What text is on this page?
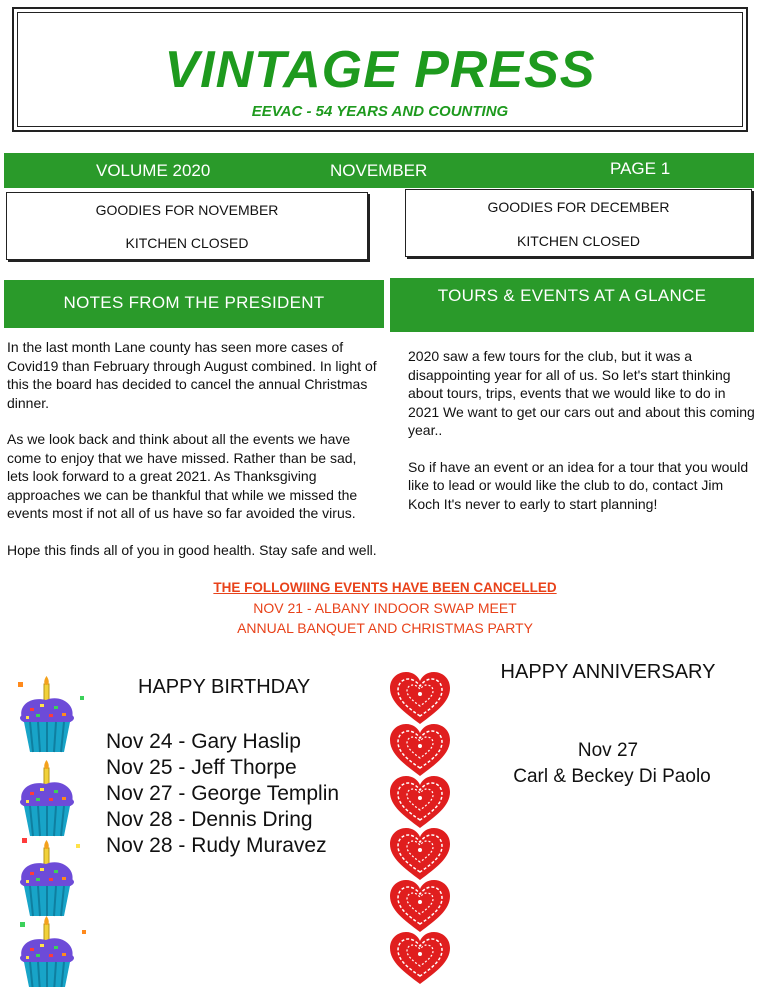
VINTAGE PRESS
EEVAC - 54 YEARS AND COUNTING
VOLUME 2020	NOVEMBER	PAGE 1
GOODIES FOR NOVEMBER
KITCHEN CLOSED
GOODIES FOR DECEMBER
KITCHEN CLOSED
NOTES FROM THE PRESIDENT	TOURS & EVENTS AT A GLANCE

In the last month Lane county has seen more cases of Covid19 than February through August combined. In light of this the board has decided to cancel the annual Christmas dinner.

As we look back and think about all the events we have come to enjoy that we have missed. Rather than be sad, lets look forward to a great 2021. As Thanksgiving approaches we can be thankful that while we missed the events most if not all of us have so far avoided the virus.

Hope this finds all of you in good health. Stay safe and well.

2020 saw a few tours for the club, but it was a disappointing year for all of us. So let's start thinking about tours, trips, events that we would like to do in 2021 We want to get our cars out and about this coming year..

So if have an event or an idea for a tour that you would like to lead or would like the club to do, contact Jim Koch It's never to early to start planning!

THE FOLLOWIING EVENTS HAVE BEEN CANCELLED
NOV 21 - ALBANY INDOOR SWAP MEET
ANNUAL BANQUET AND CHRISTMAS PARTY
HAPPY BIRTHDAY
Nov 24 - Gary Haslip
Nov 25 - Jeff Thorpe
Nov 27 - George Templin
Nov 28 - Dennis Dring
Nov 28 - Rudy Muravez
HAPPY ANNIVERSARY
Nov 27
Carl & Beckey Di Paolo
